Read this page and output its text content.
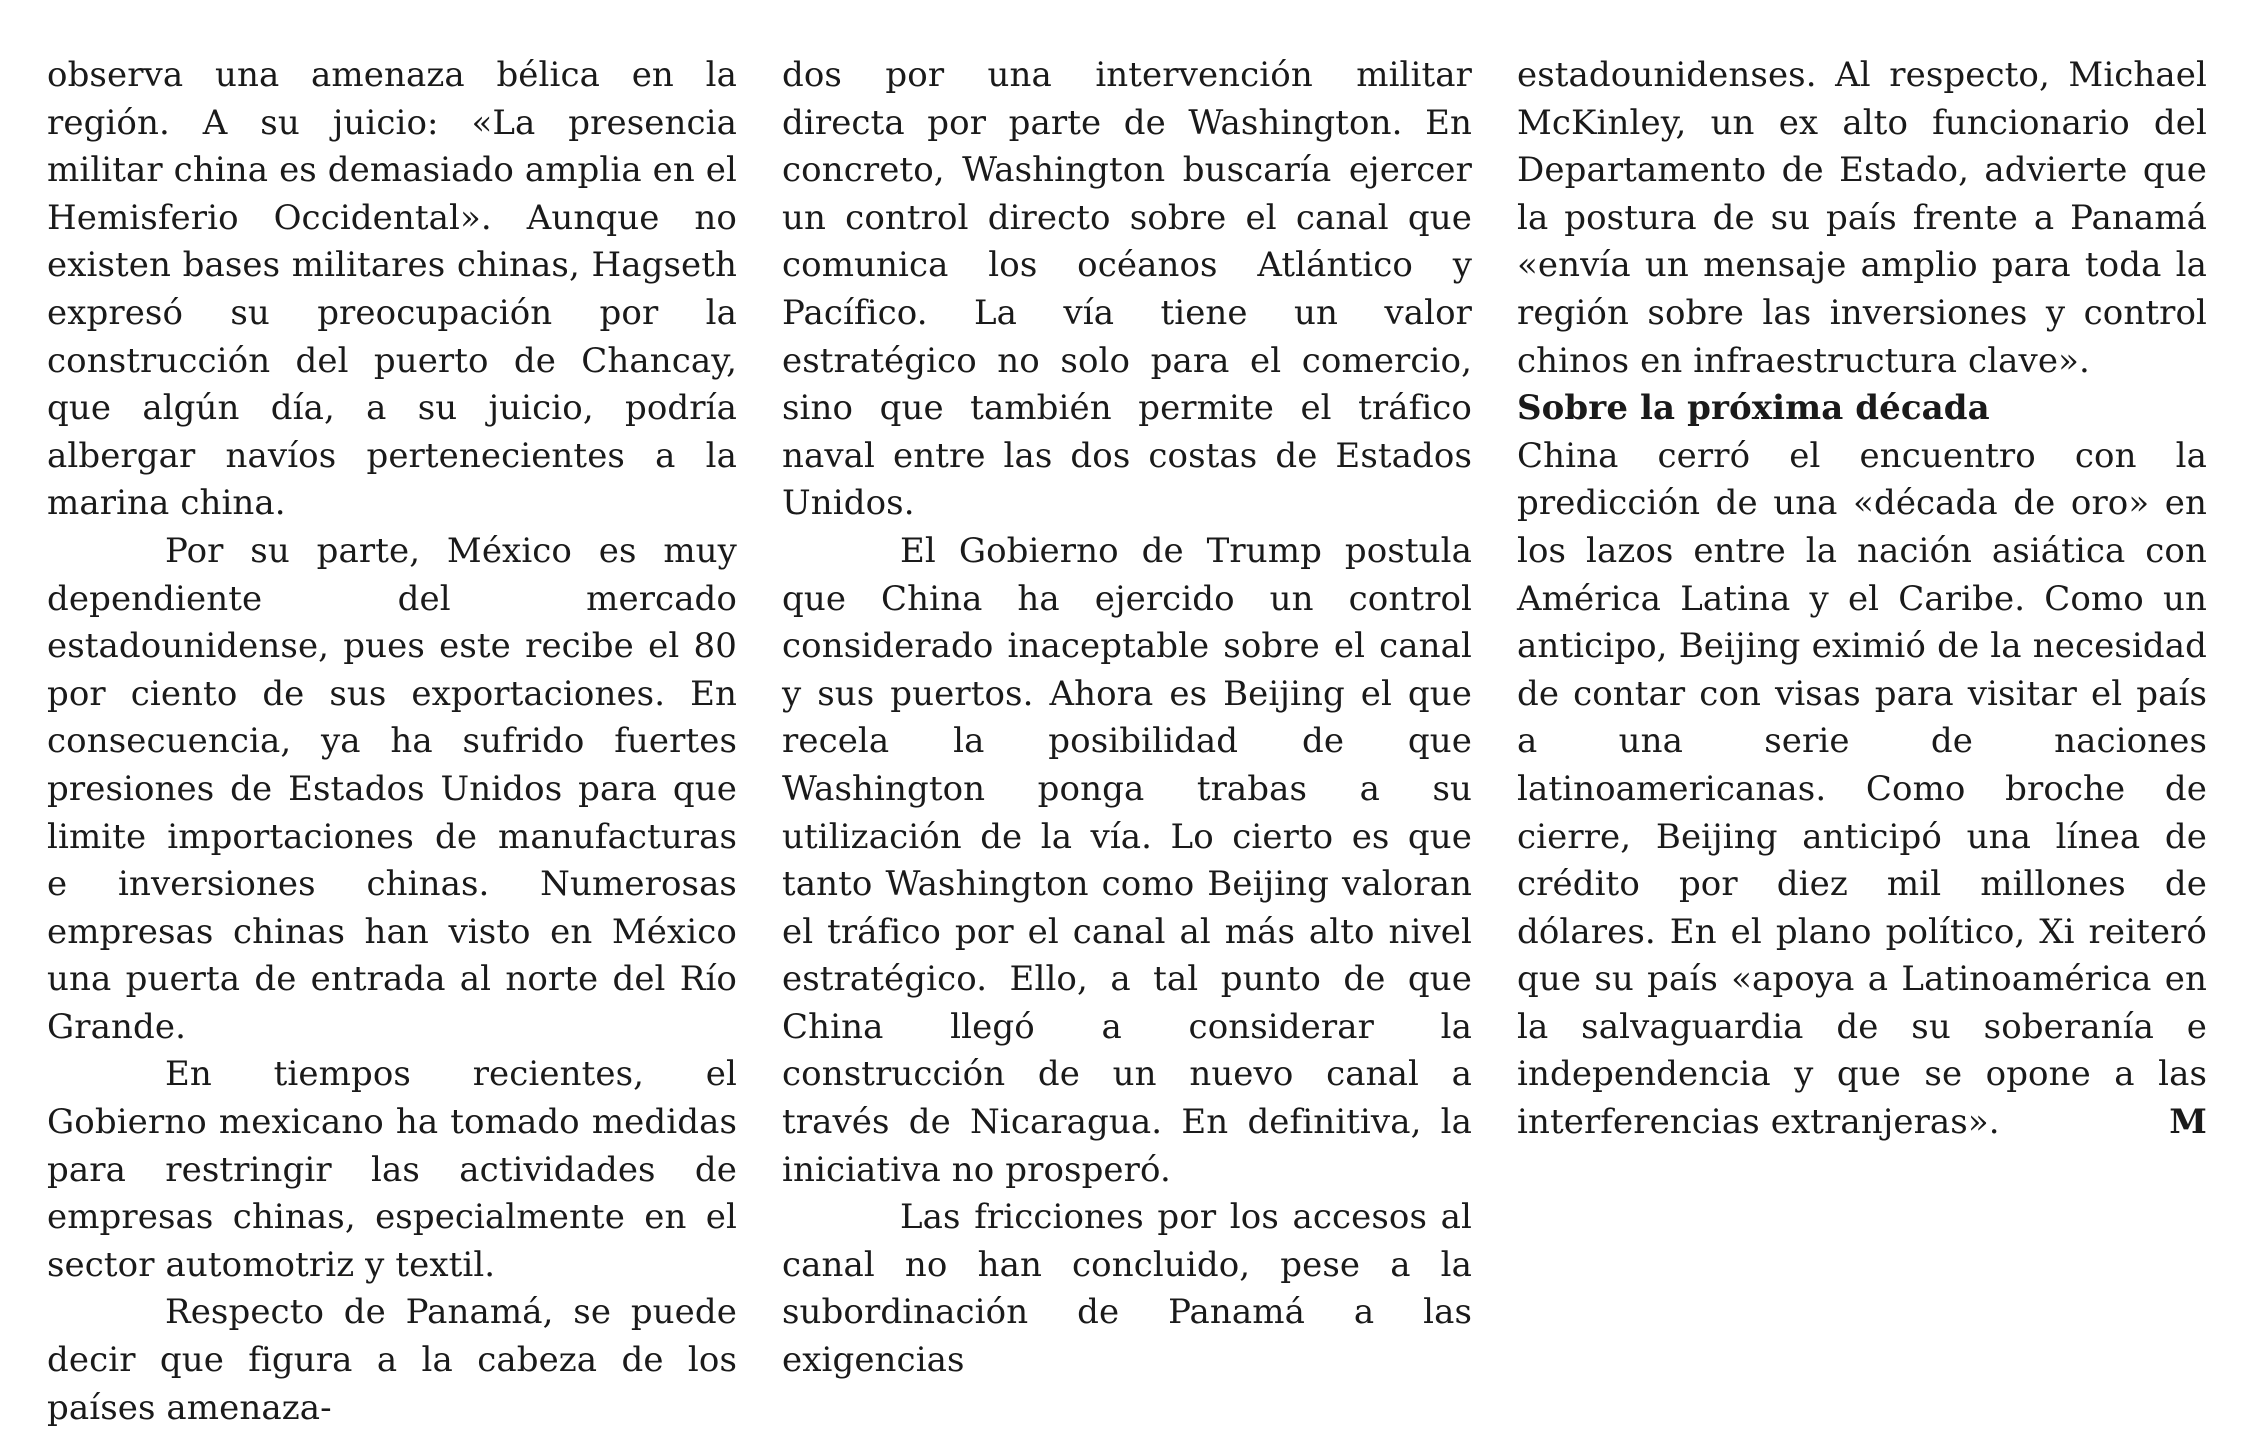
observa una amenaza bélica en la región. A su juicio: «La presencia militar china es demasiado amplia en el Hemisferio Occidental». Aunque no existen bases militares chinas, Hagseth expresó su preocupación por la construcción del puerto de Chancay, que algún día, a su juicio, podría albergar navíos pertenecientes a la marina china.

Por su parte, México es muy dependiente del mercado estadounidense, pues este recibe el 80 por ciento de sus exportaciones. En consecuencia, ya ha sufrido fuertes presiones de Estados Unidos para que limite importaciones de manufacturas e inversiones chinas. Numerosas empresas chinas han visto en México una puerta de entrada al norte del Río Grande.

En tiempos recientes, el Gobierno mexicano ha tomado medidas para restringir las actividades de empresas chinas, especialmente en el sector automotriz y textil.

Respecto de Panamá, se puede decir que figura a la cabeza de los países amenaza-

dos por una intervención militar directa por parte de Washington. En concreto, Washington buscaría ejercer un control directo sobre el canal que comunica los océanos Atlántico y Pacífico. La vía tiene un valor estratégico no solo para el comercio, sino que también permite el tráfico naval entre las dos costas de Estados Unidos.

El Gobierno de Trump postula que China ha ejercido un control considerado inaceptable sobre el canal y sus puertos. Ahora es Beijing el que recela la posibilidad de que Washington ponga trabas a su utilización de la vía. Lo cierto es que tanto Washington como Beijing valoran el tráfico por el canal al más alto nivel estratégico. Ello, a tal punto de que China llegó a considerar la construcción de un nuevo canal a través de Nicaragua. En definitiva, la iniciativa no prosperó.

Las fricciones por los accesos al canal no han concluido, pese a la subordinación de Panamá a las exigencias

estadounidenses. Al respecto, Michael McKinley, un ex alto funcionario del Departamento de Estado, advierte que la postura de su país frente a Panamá «envía un mensaje amplio para toda la región sobre las inversiones y control chinos en infraestructura clave».

Sobre la próxima década

China cerró el encuentro con la predicción de una «década de oro» en los lazos entre la nación asiática con América Latina y el Caribe. Como un anticipo, Beijing eximió de la necesidad de contar con visas para visitar el país a una serie de naciones latinoamericanas. Como broche de cierre, Beijing anticipó una línea de crédito por diez mil millones de dólares. En el plano político, Xi reiteró que su país «apoya a Latinoamérica en la salvaguardia de su soberanía e independencia y que se opone a las interferencias extranjeras».	M
